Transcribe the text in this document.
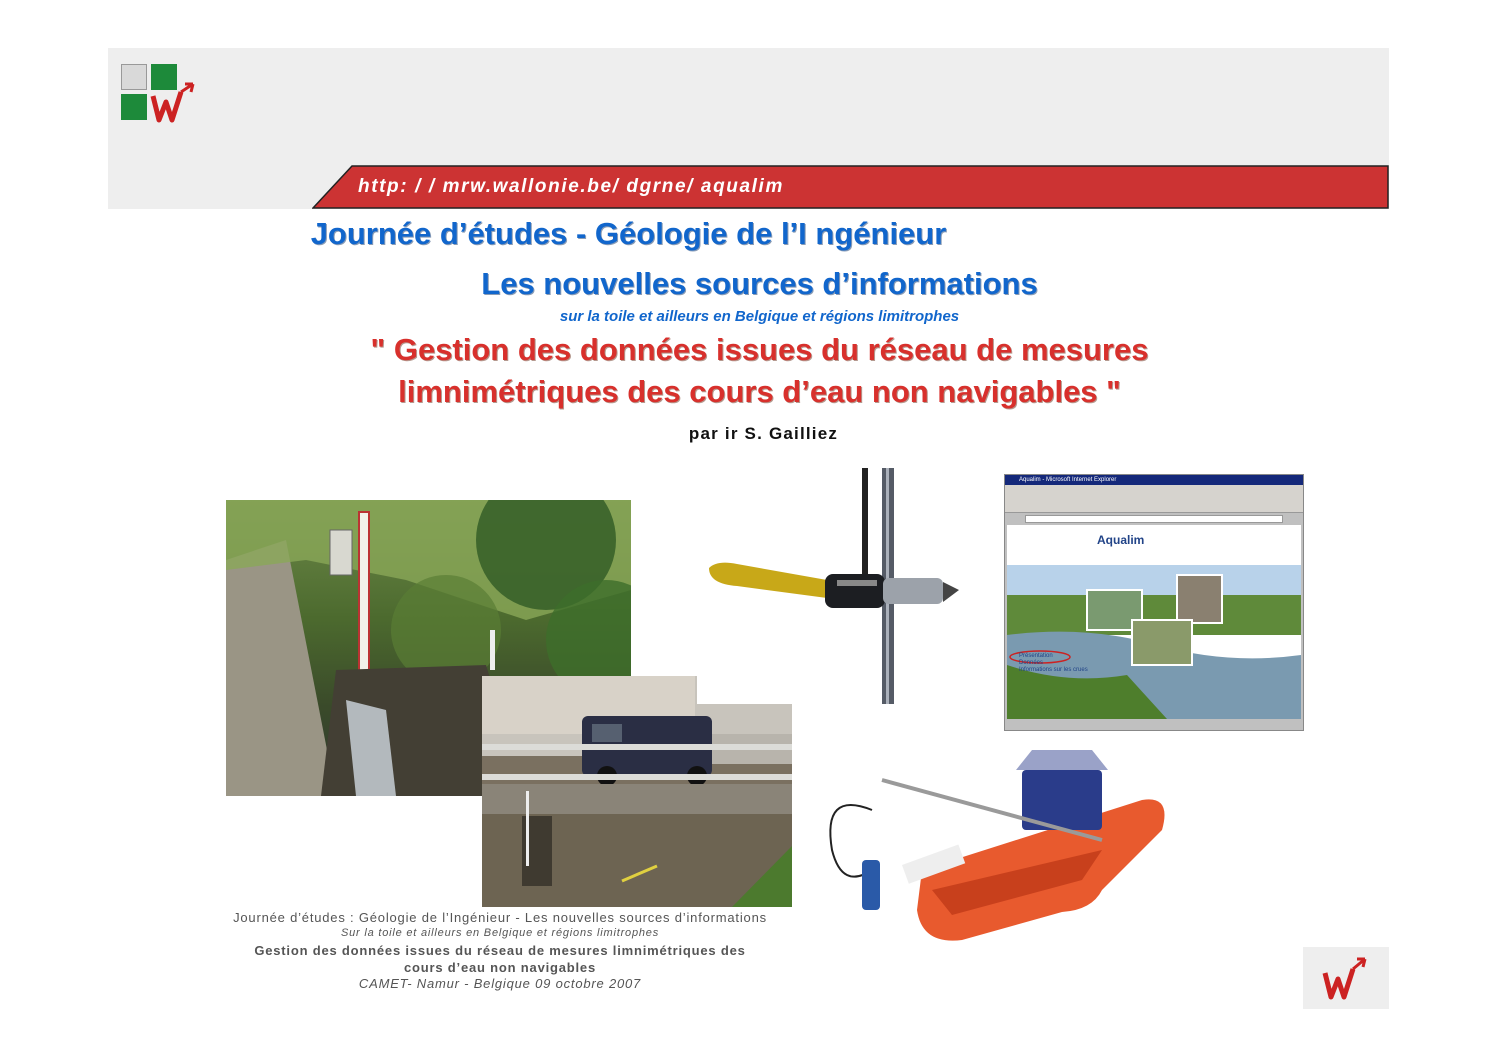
http: / / mrw.wallonie.be/ dgrne/ aqualim
Journée d’études - Géologie de l’I ngénieur
Les nouvelles sources d’informations
sur la toile et ailleurs en Belgique et régions limitrophes
" Gestion des données issues du réseau de mesures
limnimétriques des cours d’eau non navigables "
par ir S. Gailliez
Aqualim - Microsoft Internet Explorer
Aqualim
Présentation
Données
Informations sur les crues
Journée d’études : Géologie de l’Ingénieur - Les nouvelles sources d’informations
Sur la toile et ailleurs en Belgique et régions limitrophes
Gestion des données issues du réseau de mesures limnimétriques des
cours d’eau non navigables
CAMET- Namur - Belgique 09 octobre 2007
